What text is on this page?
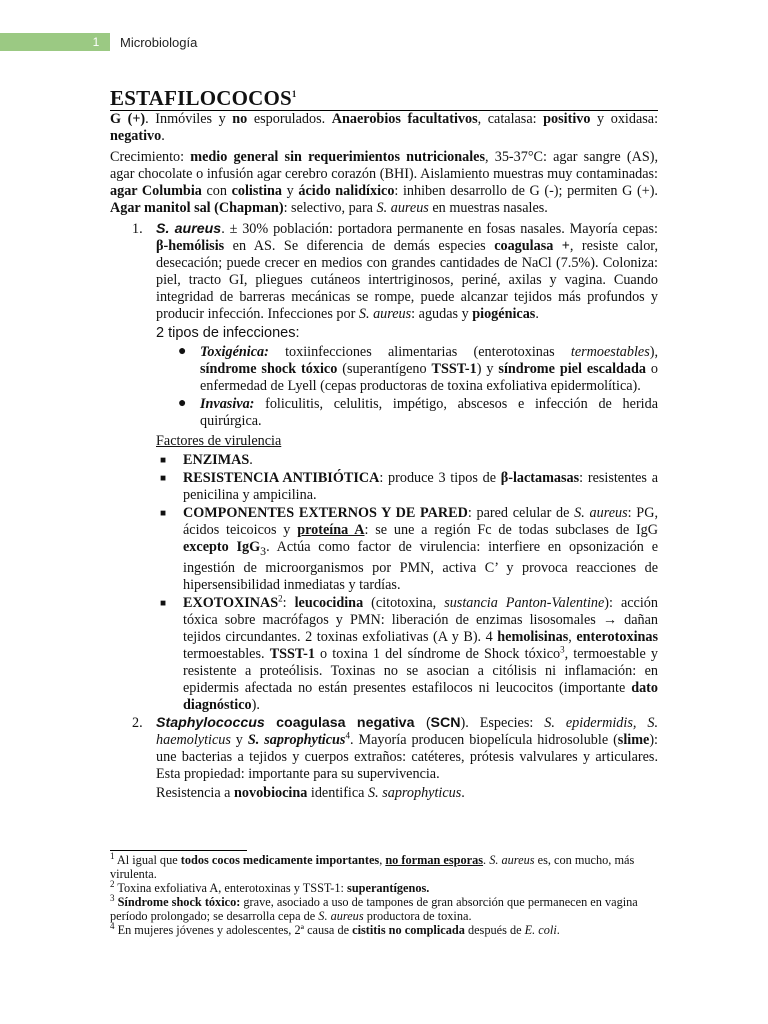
1	Microbiología
ESTAFILOCOCOS$^1$

G (+). Inmóviles y no esporulados. Anaerobios facultativos, catalasa: positivo y oxidasa: negativo.

Crecimiento: medio general sin requerimientos nutricionales, 35-37°C: agar sangre (AS), agar chocolate o infusión agar cerebro corazón (BHI). Aislamiento muestras muy contaminadas: agar Columbia con colistina y ácido nalidíxico: inhiben desarrollo de G (-); permiten G (+). Agar manitol sal (Chapman): selectivo, para S. aureus en muestras nasales.

1. S. aureus. ± 30% población: portadora permanente en fosas nasales. Mayoría cepas: β-hemólisis en AS. Se diferencia de demás especies coagulasa +, resiste calor, desecación; puede crecer en medios con grandes cantidades de NaCl (7.5%). Coloniza: piel, tracto GI, pliegues cutáneos intertriginosos, periné, axilas y vagina. Cuando integridad de barreras mecánicas se rompe, puede alcanzar tejidos más profundos y producir infección. Infecciones por S. aureus: agudas y piogénicas.
2 tipos de infecciones:
● Toxigénica: toxiinfecciones alimentarias (enterotoxinas termoestables), síndrome shock tóxico (superantígeno TSST-1) y síndrome piel escaldada o enfermedad de Lyell (cepas productoras de toxina exfoliativa epidermolítica).
● Invasiva: foliculitis, celulitis, impétigo, abscesos e infección de herida quirúrgica.
Factores de virulencia
■ ENZIMAS.
■ RESISTENCIA ANTIBIÓTICA: produce 3 tipos de β-lactamasas: resistentes a penicilina y ampicilina.
■ COMPONENTES EXTERNOS Y DE PARED: pared celular de S. aureus: PG, ácidos teicoicos y proteína A: se une a región Fc de todas subclases de IgG excepto IgG$_3$. Actúa como factor de virulencia: interfiere en opsonización e ingestión de microorganismos por PMN, activa C’ y provoca reacciones de hipersensibilidad inmediatas y tardías.
■ EXOTOXINAS$^2$: leucocidina (citotoxina, sustancia Panton-Valentine): acción tóxica sobre macrófagos y PMN: liberación de enzimas lisosomales → dañan tejidos circundantes. 2 toxinas exfoliativas (A y B). 4 hemolisinas, enterotoxinas termoestables. TSST-1 o toxina 1 del síndrome de Shock tóxico$^3$, termoestable y resistente a proteólisis. Toxinas no se asocian a citólisis ni inflamación: en epidermis afectada no están presentes estafilocos ni leucocitos (importante dato diagnóstico).
2. Staphylococcus coagulasa negativa (SCN). Especies: S. epidermidis, S. haemolyticus y S. saprophyticus$^4$. Mayoría producen biopelícula hidrosoluble (slime): une bacterias a tejidos y cuerpos extraños: catéteres, prótesis valvulares y articulares. Esta propiedad: importante para su supervivencia.
Resistencia a novobiocina identifica S. saprophyticus.
$^1$ Al igual que todos cocos medicamente importantes, no forman esporas. S. aureus es, con mucho, más virulenta.
$^2$ Toxina exfoliativa A, enterotoxinas y TSST-1: superantígenos.
$^3$ Síndrome shock tóxico: grave, asociado a uso de tampones de gran absorción que permanecen en vagina período prolongado; se desarrolla cepa de S. aureus productora de toxina.
$^4$ En mujeres jóvenes y adolescentes, 2ª causa de cistitis no complicada después de E. coli.
